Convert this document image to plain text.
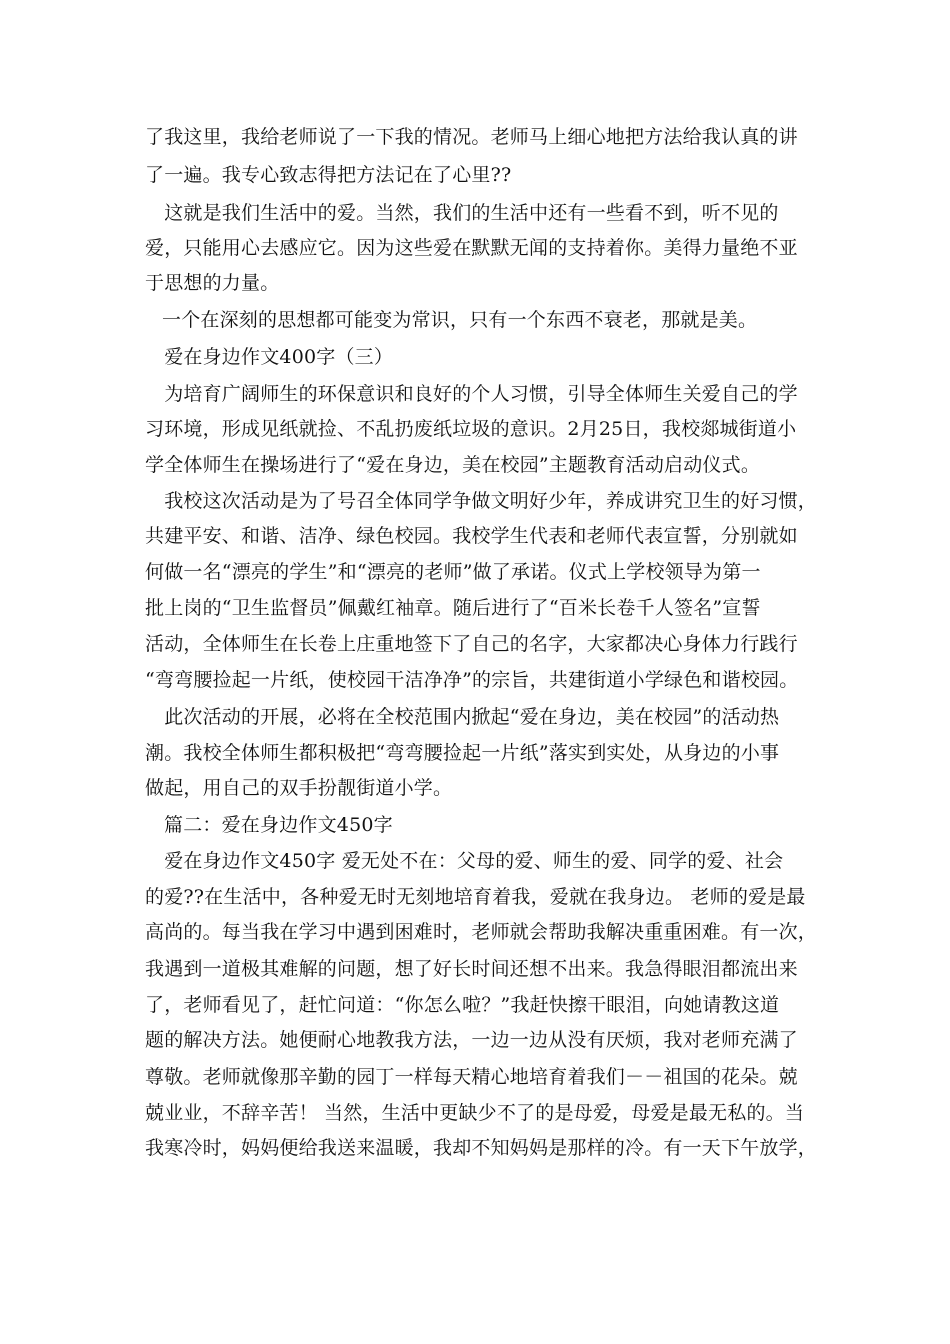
了我这里，我给老师说了一下我的情况。老师马上细心地把方法给我认真的讲
了一遍。我专心致志得把方法记在了心里??
　这就是我们生活中的爱。当然，我们的生活中还有一些看不到，听不见的
爱，只能用心去感应它。因为这些爱在默默无闻的支持着你。美得力量绝不亚
于思想的力量。
一个在深刻的思想都可能变为常识，只有一个东西不衰老，那就是美。
　爱在身边作文400字（三）
　为培育广阔师生的环保意识和良好的个人习惯，引导全体师生关爱自己的学
习环境，形成见纸就捡、不乱扔废纸垃圾的意识。2月25日，我校郯城街道小
学全体师生在操场进行了“爱在身边，美在校园”主题教育活动启动仪式。
　我校这次活动是为了号召全体同学争做文明好少年，养成讲究卫生的好习惯，
共建平安、和谐、洁净、绿色校园。我校学生代表和老师代表宣誓，分别就如
何做一名“漂亮的学生”和“漂亮的老师”做了承诺。仪式上学校领导为第一
批上岗的“卫生监督员”佩戴红袖章。随后进行了“百米长卷千人签名”宣誓
活动，全体师生在长卷上庄重地签下了自己的名字，大家都决心身体力行践行
“弯弯腰捡起一片纸，使校园干洁净净”的宗旨，共建街道小学绿色和谐校园。
　此次活动的开展，必将在全校范围内掀起“爱在身边，美在校园”的活动热
潮。我校全体师生都积极把“弯弯腰捡起一片纸”落实到实处，从身边的小事
做起，用自己的双手扮靓街道小学。
篇二：爱在身边作文450字
　爱在身边作文450字 爱无处不在：父母的爱、师生的爱、同学的爱、社会
的爱??在生活中，各种爱无时无刻地培育着我，爱就在我身边。 老师的爱是最
高尚的。每当我在学习中遇到困难时，老师就会帮助我解决重重困难。有一次，
我遇到一道极其难解的问题，想了好长时间还想不出来。我急得眼泪都流出来
了，老师看见了，赶忙问道：“你怎么啦？”我赶快擦干眼泪，向她请教这道
题的解决方法。她便耐心地教我方法，一边一边从没有厌烦，我对老师充满了
尊敬。老师就像那辛勤的园丁一样每天精心地培育着我们－－祖国的花朵。兢
兢业业，不辞辛苦！ 当然，生活中更缺少不了的是母爱，母爱是最无私的。当
我寒冷时，妈妈便给我送来温暖，我却不知妈妈是那样的冷。有一天下午放学，
